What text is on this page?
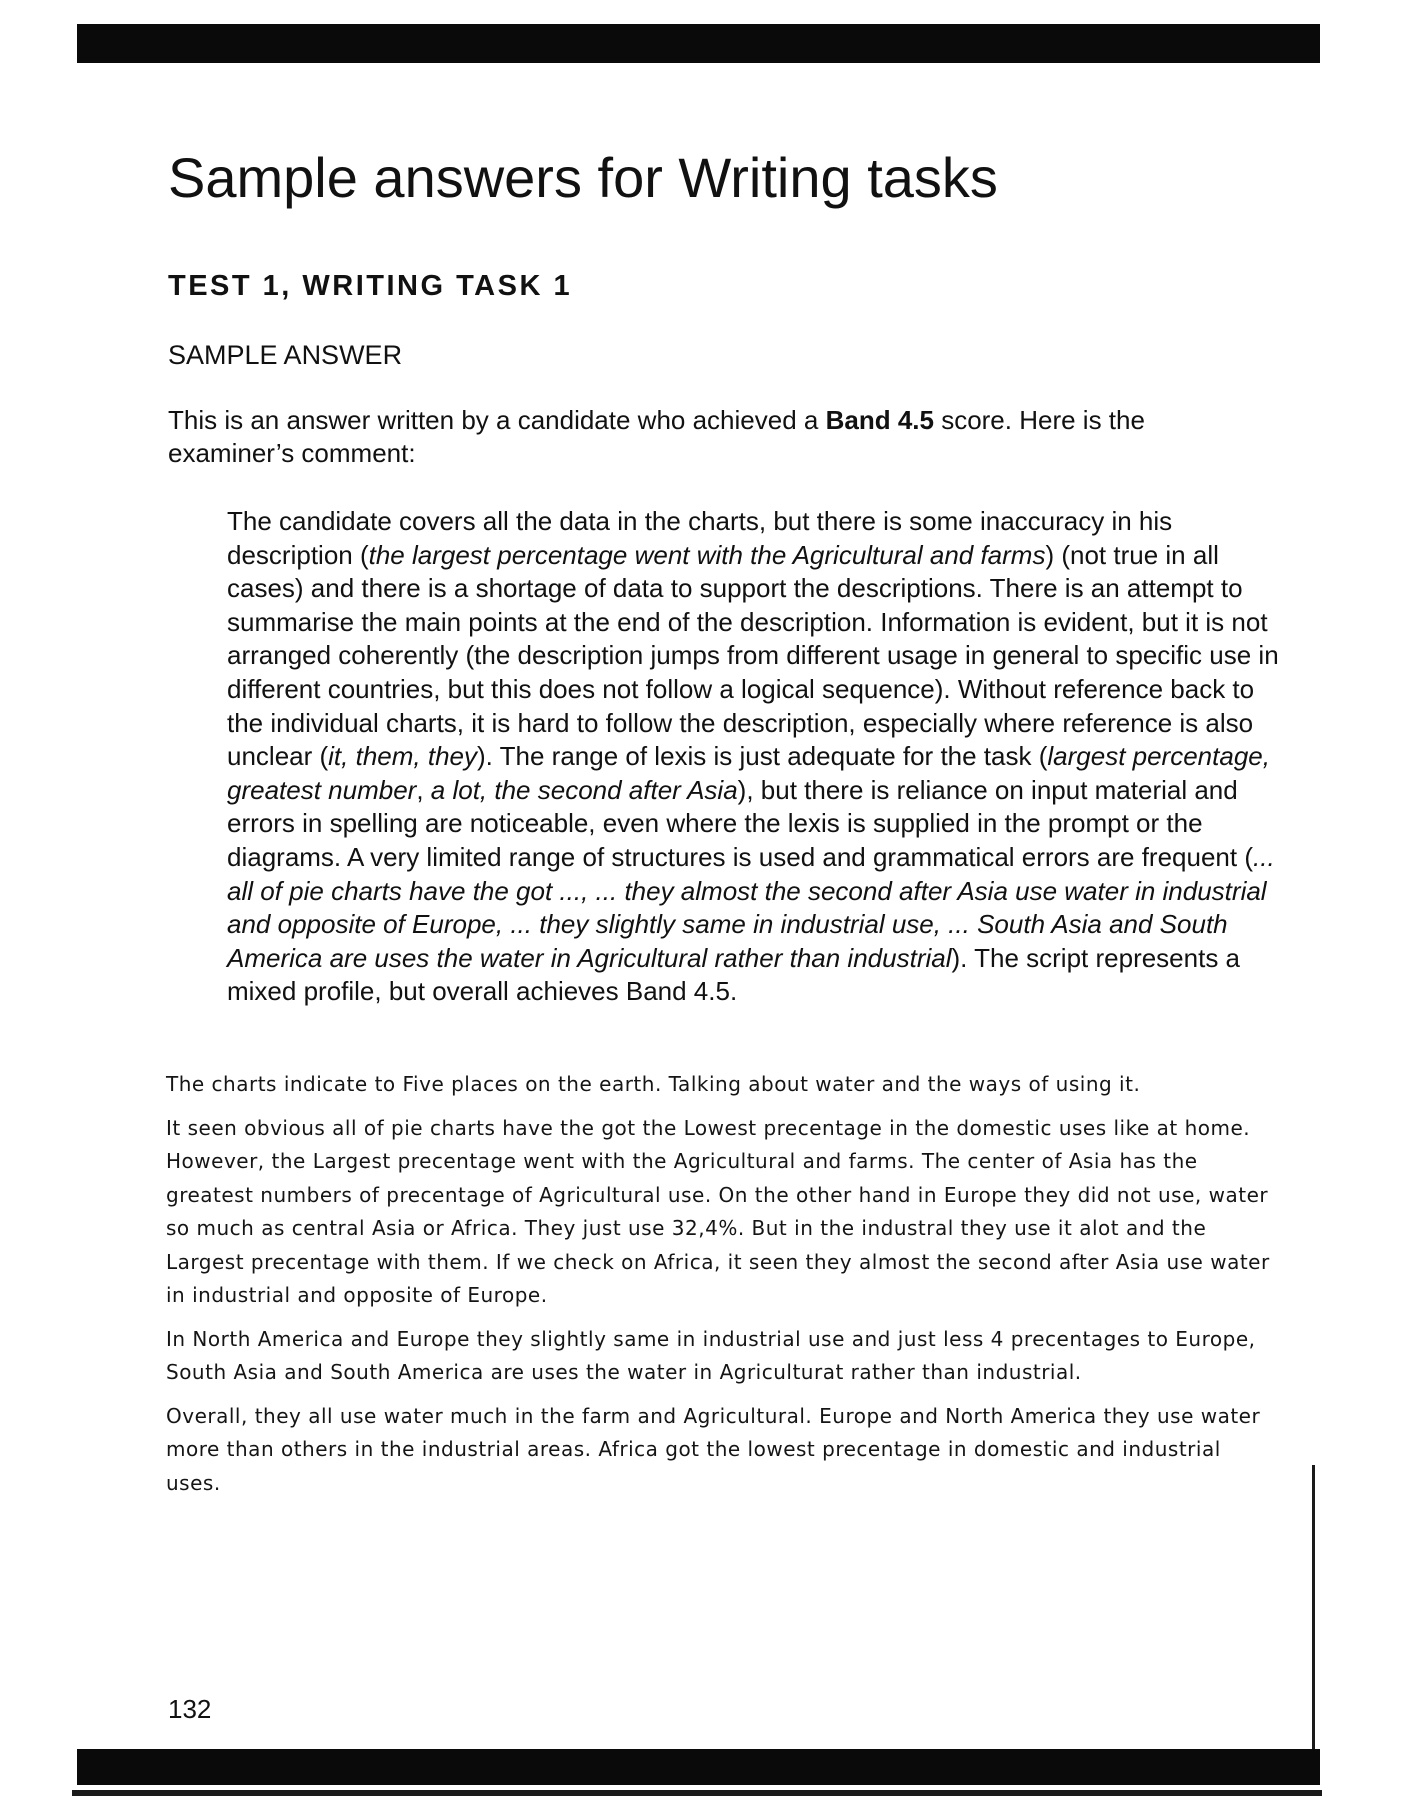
Sample answers for Writing tasks
TEST 1, WRITING TASK 1
SAMPLE ANSWER

This is an answer written by a candidate who achieved a Band 4.5 score. Here is the examiner’s comment:

The candidate covers all the data in the charts, but there is some inaccuracy in his description (the largest percentage went with the Agricultural and farms) (not true in all cases) and there is a shortage of data to support the descriptions. There is an attempt to summarise the main points at the end of the description. Information is evident, but it is not arranged coherently (the description jumps from different usage in general to specific use in different countries, but this does not follow a logical sequence). Without reference back to the individual charts, it is hard to follow the description, especially where reference is also unclear (it, them, they). The range of lexis is just adequate for the task (largest percentage, greatest number, a lot, the second after Asia), but there is reliance on input material and errors in spelling are noticeable, even where the lexis is supplied in the prompt or the diagrams. A very limited range of structures is used and grammatical errors are frequent (... all of pie charts have the got ..., ... they almost the second after Asia use water in industrial and opposite of Europe, ... they slightly same in industrial use, ... South Asia and South America are uses the water in Agricultural rather than industrial). The script represents a mixed profile, but overall achieves Band 4.5.

The charts indicate to Five places on the earth. Talking about water and the ways of using it.

It seen obvious all of pie charts have the got the Lowest precentage in the domestic uses like at home. However, the Largest precentage went with the Agricultural and farms. The center of Asia has the greatest numbers of precentage of Agricultural use. On the other hand in Europe they did not use, water so much as central Asia or Africa. They just use 32,4%. But in the industral they use it alot and the Largest precentage with them. If we check on Africa, it seen they almost the second after Asia use water in industrial and opposite of Europe.

In North America and Europe they slightly same in industrial use and just less 4 precentages to Europe, South Asia and South America are uses the water in Agriculturat rather than industrial.

Overall, they all use water much in the farm and Agricultural. Europe and North America they use water more than others in the industrial areas. Africa got the lowest precentage in domestic and industrial uses.

132
